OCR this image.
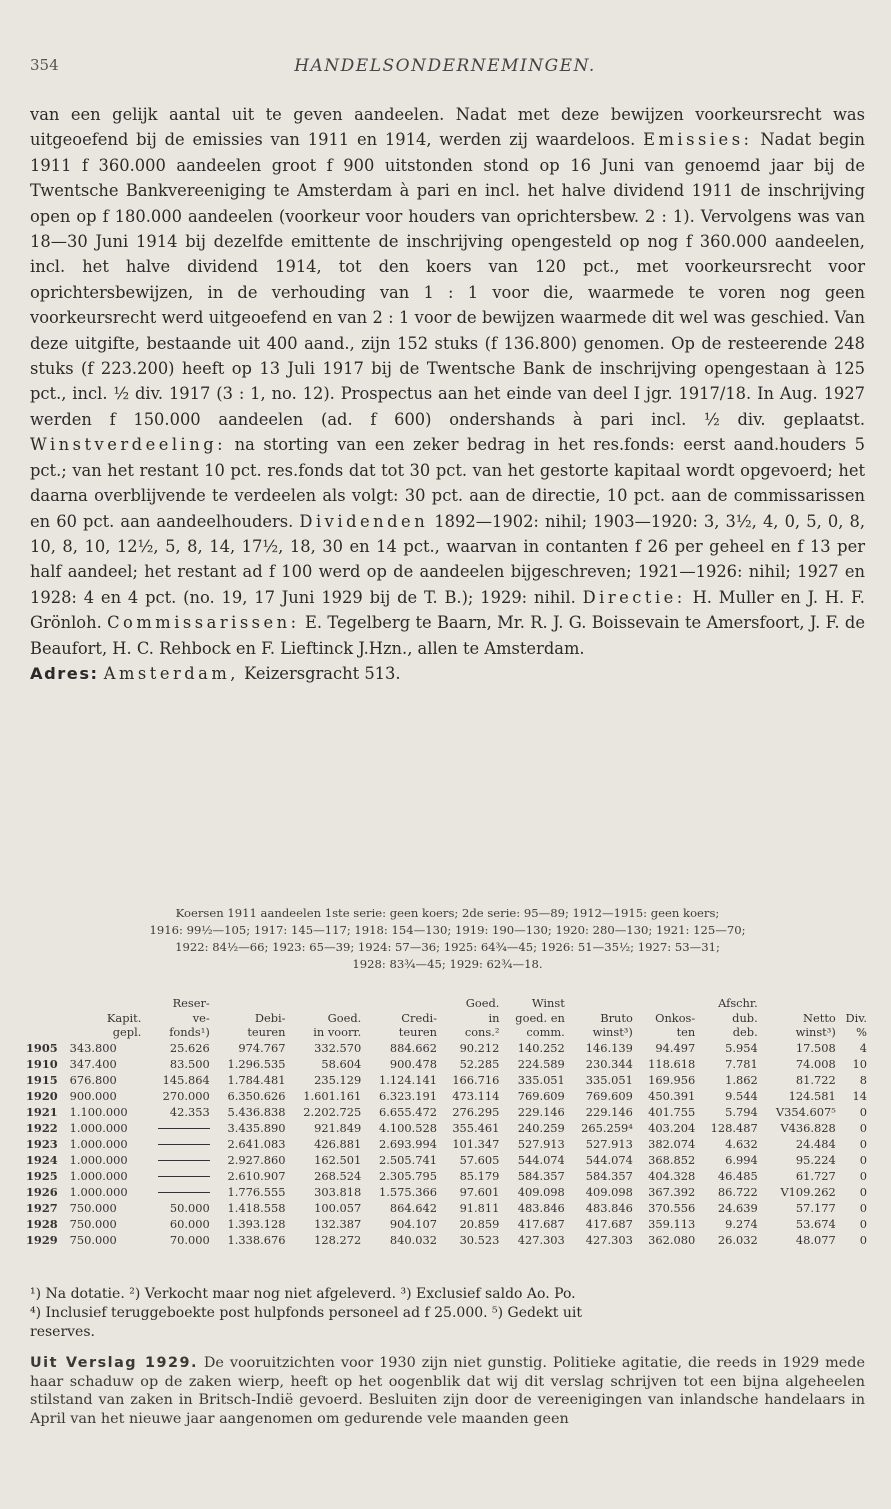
354	HANDELSONDERNEMINGEN.

van een gelijk aantal uit te geven aandeelen. Nadat met deze bewijzen voorkeursrecht was uitgeoefend bij de emissies van 1911 en 1914, werden zij waardeloos. Emissies: Nadat begin 1911 f 360.000 aandeelen groot f 900 uitstonden stond op 16 Juni van genoemd jaar bij de Twentsche Bankvereeniging te Amsterdam à pari en incl. het halve dividend 1911 de inschrijving open op f 180.000 aandeelen (voorkeur voor houders van oprichtersbew. 2 : 1). Vervolgens was van 18—30 Juni 1914 bij dezelfde emittente de inschrijving opengesteld op nog f 360.000 aandeelen, incl. het halve dividend 1914, tot den koers van 120 pct., met voorkeursrecht voor oprichtersbewijzen, in de verhouding van 1 : 1 voor die, waarmede te voren nog geen voorkeursrecht werd uitgeoefend en van 2 : 1 voor de bewijzen waarmede dit wel was geschied. Van deze uitgifte, bestaande uit 400 aand., zijn 152 stuks (f 136.800) genomen. Op de resteerende 248 stuks (f 223.200) heeft op 13 Juli 1917 bij de Twentsche Bank de inschrijving opengestaan à 125 pct., incl. ½ div. 1917 (3 : 1, no. 12). Prospectus aan het einde van deel I jgr. 1917/18. In Aug. 1927 werden f 150.000 aandeelen (ad. f 600) ondershands à pari incl. ½ div. geplaatst. Winstverdeeling: na storting van een zeker bedrag in het res.fonds: eerst aand.houders 5 pct.; van het restant 10 pct. res.fonds dat tot 30 pct. van het gestorte kapitaal wordt opgevoerd; het daarna overblijvende te verdeelen als volgt: 30 pct. aan de directie, 10 pct. aan de commissarissen en 60 pct. aan aandeelhouders. Dividenden 1892—1902: nihil; 1903—1920: 3, 3½, 4, 0, 5, 0, 8, 10, 8, 10, 12½, 5, 8, 14, 17½, 18, 30 en 14 pct., waarvan in contanten f 26 per geheel en f 13 per half aandeel; het restant ad f 100 werd op de aandeelen bijgeschreven; 1921—1926: nihil; 1927 en 1928: 4 en 4 pct. (no. 19, 17 Juni 1929 bij de T. B.); 1929: nihil. Directie: H. Muller en J. H. F. Grönloh. Commissarissen: E. Tegelberg te Baarn, Mr. R. J. G. Boissevain te Amersfoort, J. F. de Beaufort, H. C. Rehbock en F. Lieftinck J.Hzn., allen te Amsterdam.

Adres: Amsterdam, Keizersgracht 513.

Koersen 1911 aandeelen 1ste serie: geen koers; 2de serie: 95—89; 1912—1915: geen koers;

1916: 99½—105; 1917: 145—117; 1918: 154—130; 1919: 190—130; 1920: 280—130; 1921: 125—70;

1922: 84½—66; 1923: 65—39; 1924: 57—36; 1925: 64¾—45; 1926: 51—35½; 1927: 53—31;

1928: 83¾—45; 1929: 62¾—18.

		Reser-				Goed.	Winst			Afschr.		
	Kapit.	ve-	Debi-	Goed.	Credi-	in	goed. en	Bruto	Onkos-	dub.	Netto	Div.
	gepl.	fonds¹)	teuren	in voorr.	teuren	cons.²	comm.	winst³)	ten	deb.	winst³)	%
1905	343.800	25.626	974.767	332.570	884.662	90.212	140.252	146.139	94.497	5.954	17.508	4
1910	347.400	83.500	1.296.535	58.604	900.478	52.285	224.589	230.344	118.618	7.781	74.008	10
1915	676.800	145.864	1.784.481	235.129	1.124.141	166.716	335.051	335.051	169.956	1.862	81.722	8
1920	900.000	270.000	6.350.626	1.601.161	6.323.191	473.114	769.609	769.609	450.391	9.544	124.581	14
1921	1.100.000	42.353	5.436.838	2.202.725	6.655.472	276.295	229.146	229.146	401.755	5.794	V354.607⁵	0
1922	1.000.000		3.435.890	921.849	4.100.528	355.461	240.259	265.259⁴	403.204	128.487	V436.828	0
1923	1.000.000		2.641.083	426.881	2.693.994	101.347	527.913	527.913	382.074	4.632	24.484	0
1924	1.000.000		2.927.860	162.501	2.505.741	57.605	544.074	544.074	368.852	6.994	95.224	0
1925	1.000.000		2.610.907	268.524	2.305.795	85.179	584.357	584.357	404.328	46.485	61.727	0
1926	1.000.000		1.776.555	303.818	1.575.366	97.601	409.098	409.098	367.392	86.722	V109.262	0
1927	750.000	50.000	1.418.558	100.057	864.642	91.811	483.846	483.846	370.556	24.639	57.177	0
1928	750.000	60.000	1.393.128	132.387	904.107	20.859	417.687	417.687	359.113	9.274	53.674	0
1929	750.000	70.000	1.338.676	128.272	840.032	30.523	427.303	427.303	362.080	26.032	48.077	0

¹) Na dotatie. ²) Verkocht maar nog niet afgeleverd. ³) Exclusief saldo Ao. Po.

⁴) Inclusief teruggeboekte post hulpfonds personeel ad f 25.000. ⁵) Gedekt uit

reserves.

Uit Verslag 1929. De vooruitzichten voor 1930 zijn niet gunstig. Politieke agitatie, die reeds in 1929 mede haar schaduw op de zaken wierp, heeft op het oogenblik dat wij dit verslag schrijven tot een bijna algeheelen stilstand van zaken in Britsch-Indië gevoerd. Besluiten zijn door de vereenigingen van inlandsche handelaars in April van het nieuwe jaar aangenomen om gedurende vele maanden geen
